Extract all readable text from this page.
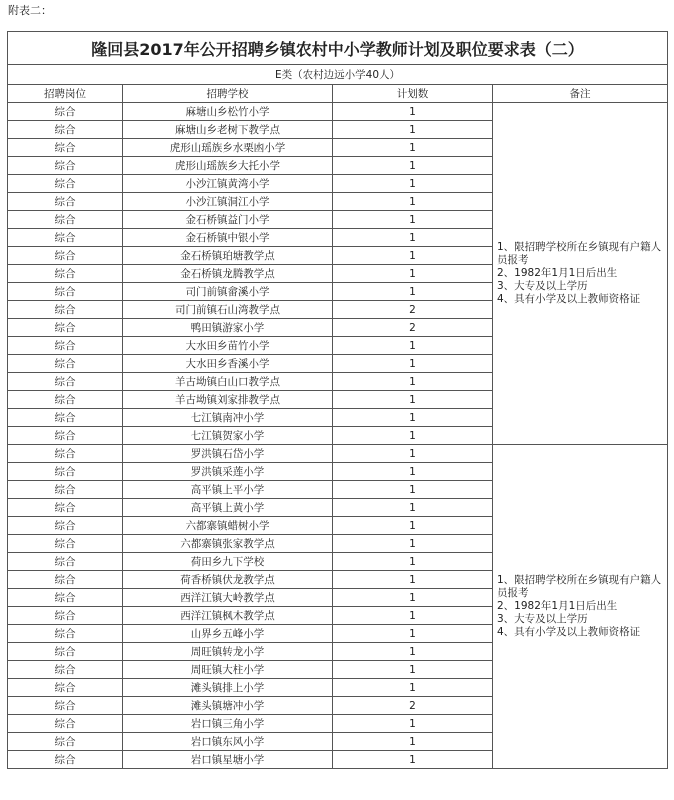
附表二：
隆回县2017年公开招聘乡镇农村中小学教师计划及职位要求表（二）			
E类（农村边远小学40人）			
招聘岗位	招聘学校	计划数	备注
综合	麻塘山乡松竹小学	1	1、限招聘学校所在乡镇现有户籍人员报考
2、1982年1月1日后出生
3、大专及以上学历
4、具有小学及以上教师资格证

综合	麻塘山乡老树下教学点	1	
综合	虎形山瑶族乡水栗凼小学	1	
综合	虎形山瑶族乡大托小学	1	
综合	小沙江镇黄湾小学	1	
综合	小沙江镇洞江小学	1	
综合	金石桥镇益门小学	1	
综合	金石桥镇中银小学	1	
综合	金石桥镇珀塘教学点	1	
综合	金石桥镇龙腾教学点	1	
综合	司门前镇畲溪小学	1	
综合	司门前镇石山湾教学点	2	
综合	鸭田镇游家小学	2	
综合	大水田乡苗竹小学	1	
综合	大水田乡香溪小学	1	
综合	羊古坳镇白山口教学点	1	
综合	羊古坳镇刘家排教学点	1	
综合	七江镇南冲小学	1	
综合	七江镇贺家小学	1	
综合	罗洪镇石岱小学	1	1、限招聘学校所在乡镇现有户籍人员报考
2、1982年1月1日后出生
3、大专及以上学历
4、具有小学及以上教师资格证

综合	罗洪镇采莲小学	1	
综合	高平镇上平小学	1	
综合	高平镇上黄小学	1	
综合	六都寨镇蜡树小学	1	
综合	六都寨镇张家教学点	1	
综合	荷田乡九下学校	1	
综合	荷香桥镇伏龙教学点	1	
综合	西洋江镇大岭教学点	1	
综合	西洋江镇枫木教学点	1	
综合	山界乡五峰小学	1	
综合	周旺镇转龙小学	1	
综合	周旺镇大柱小学	1	
综合	滩头镇排上小学	1	
综合	滩头镇塘冲小学	2	
综合	岩口镇三角小学	1	
综合	岩口镇东风小学	1	
综合	岩口镇星塘小学	1	
